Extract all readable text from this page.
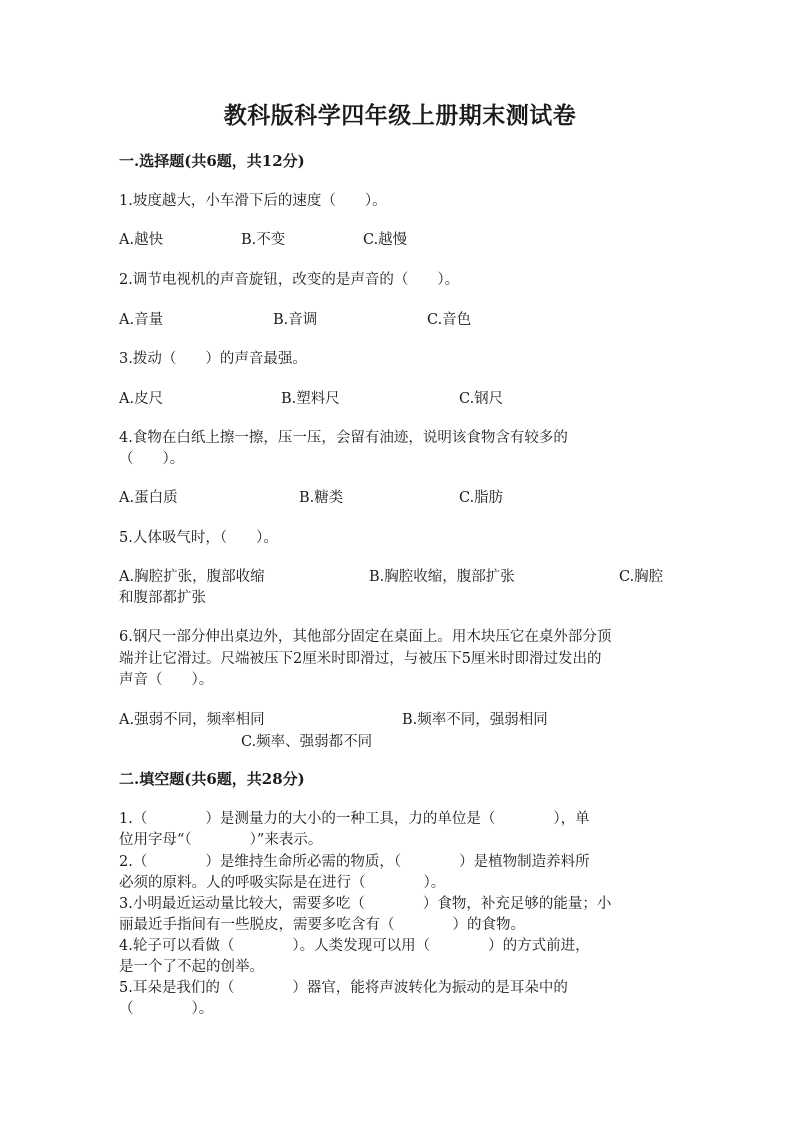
教科版科学四年级上册期末测试卷
一.选择题(共6题，共12分)
1.坡度越大，小车滑下后的速度（　　）。
A.越快	B.不变	C.越慢
2.调节电视机的声音旋钮，改变的是声音的（　　）。
A.音量	B.音调	C.音色
3.拨动（　　）的声音最强。
A.皮尺	B.塑料尺	C.钢尺
4.食物在白纸上擦一擦，压一压，会留有油迹，说明该食物含有较多的
（　　）。
A.蛋白质	B.糖类	C.脂肪
5.人体吸气时，（　　）。
A.胸腔扩张，腹部收缩	B.胸腔收缩，腹部扩张	C.胸腔
和腹部都扩张
6.钢尺一部分伸出桌边外，其他部分固定在桌面上。用木块压它在桌外部分顶
端并让它滑过。尺端被压下2厘米时即滑过，与被压下5厘米时即滑过发出的
声音（　　）。
A.强弱不同，频率相同	B.频率不同，强弱相同
C.频率、强弱都不同
二.填空题(共6题，共28分)
1.（　　　　）是测量力的大小的一种工具，力的单位是（　　　　），单
位用字母“（　　　　）”来表示。
2.（　　　　）是维持生命所必需的物质，（　　　　）是植物制造养料所
必须的原料。人的呼吸实际是在进行（　　　　）。
3.小明最近运动量比较大，需要多吃（　　　　）食物，补充足够的能量；小
丽最近手指间有一些脱皮，需要多吃含有（　　　　）的食物。
4.轮子可以看做（　　　　）。人类发现可以用（　　　　）的方式前进，
是一个了不起的创举。
5.耳朵是我们的（　　　　）器官，能将声波转化为振动的是耳朵中的
（　　　　）。
